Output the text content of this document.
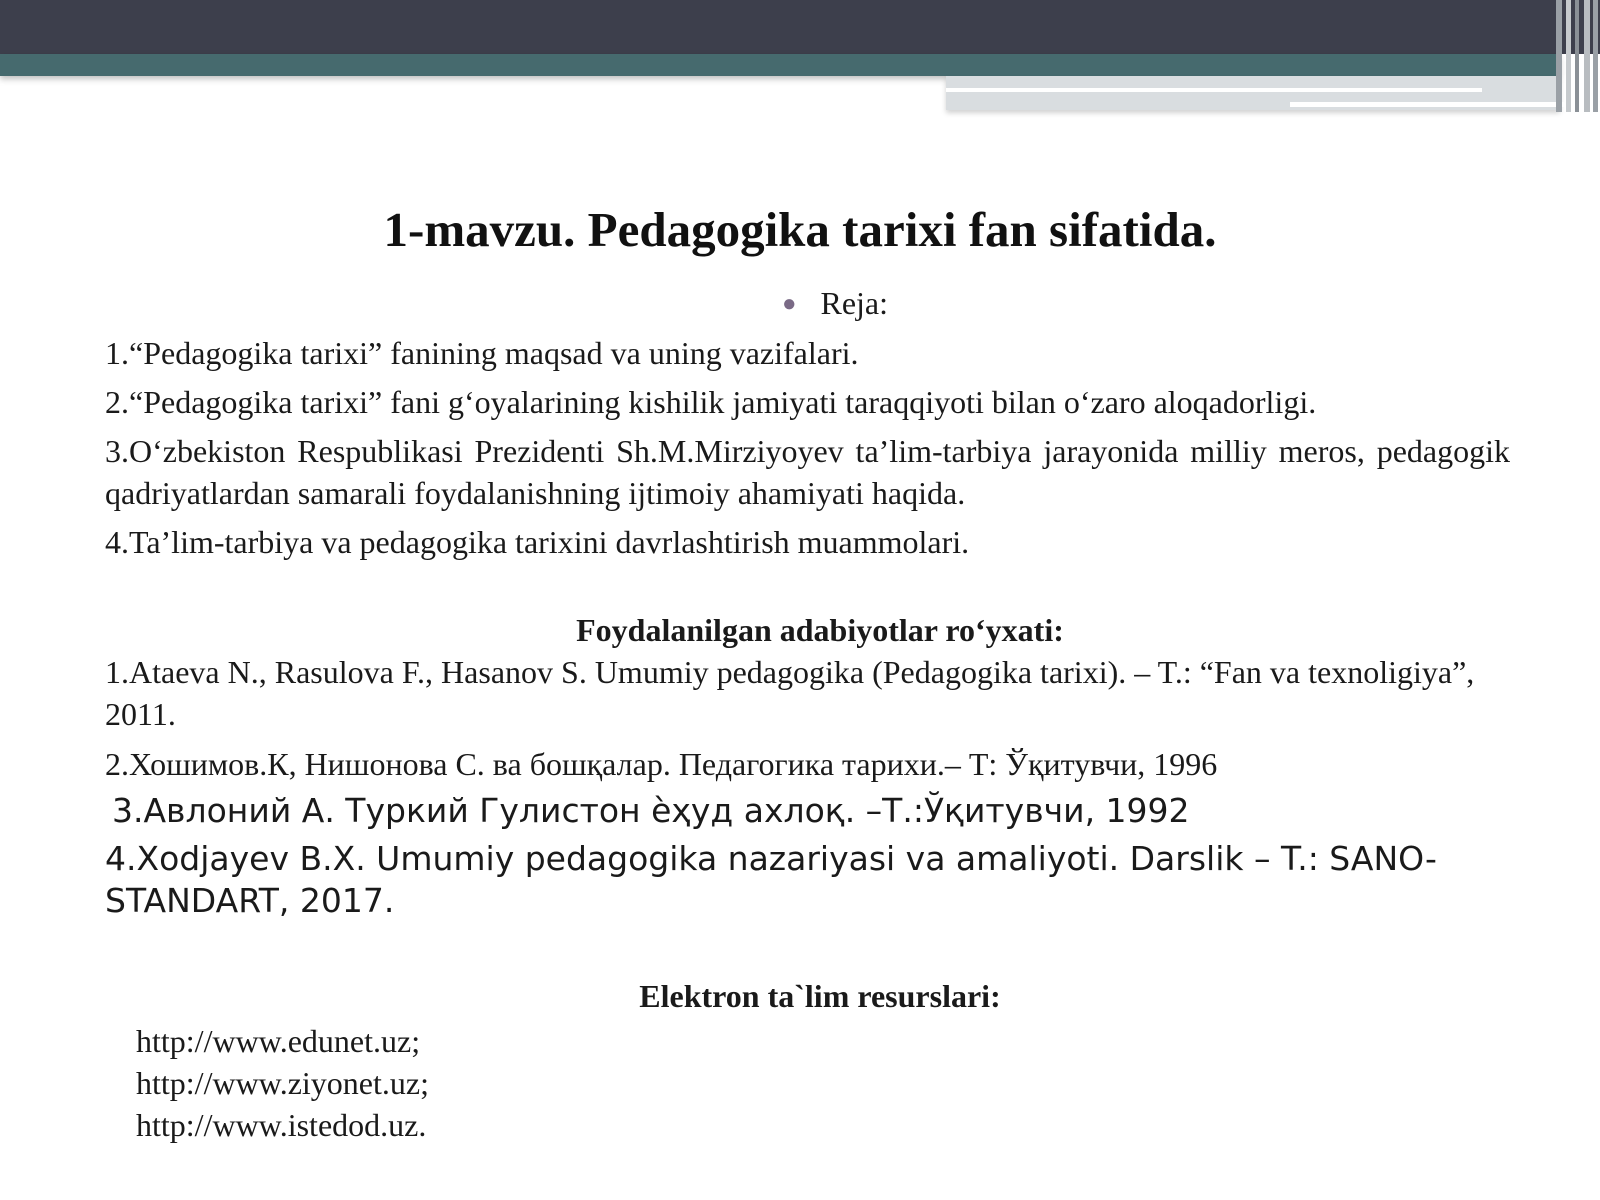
1-mavzu. Pedagogika tarixi fan sifatida.
● Reja:

1.“Pedagogika tarixi” fanining maqsad va uning vazifalari.

2.“Pedagogika tarixi” fani g‘oyalarining kishilik jamiyati taraqqiyoti bilan o‘zaro aloqadorligi.

3.O‘zbekiston Respublikasi Prezidenti Sh.M.Mirziyoyev ta’lim-tarbiya jarayonida milliy meros, pedagogik qadriyatlardan samarali foydalanishning ijtimoiy ahamiyati haqida.

4.Ta’lim-tarbiya va pedagogika tarixini davrlashtirish muammolari.

Foydalanilgan adabiyotlar ro‘yxati:

1.Ataeva N., Rasulova F., Hasanov S. Umumiy pedagogika (Pedagogika tarixi). – T.: “Fan va texnoligiya”, 2011.

2.Хошимов.К, Нишонова С. ва бошқалар. Педагогика тарихи.– Т: Ўқитувчи, 1996

3.Авлоний А. Туркий Гулистон ѐҳуд ахлоқ. –Т.:Ўқитувчи, 1992

4.Xodjayev B.X. Umumiy pedagogika nazariyasi va amaliyoti. Darslik – T.: SANO-STANDART, 2017.

Elektron ta`lim resurslari:
http://www.edunet.uz;
http://www.ziyonet.uz;
http://www.istedod.uz.
